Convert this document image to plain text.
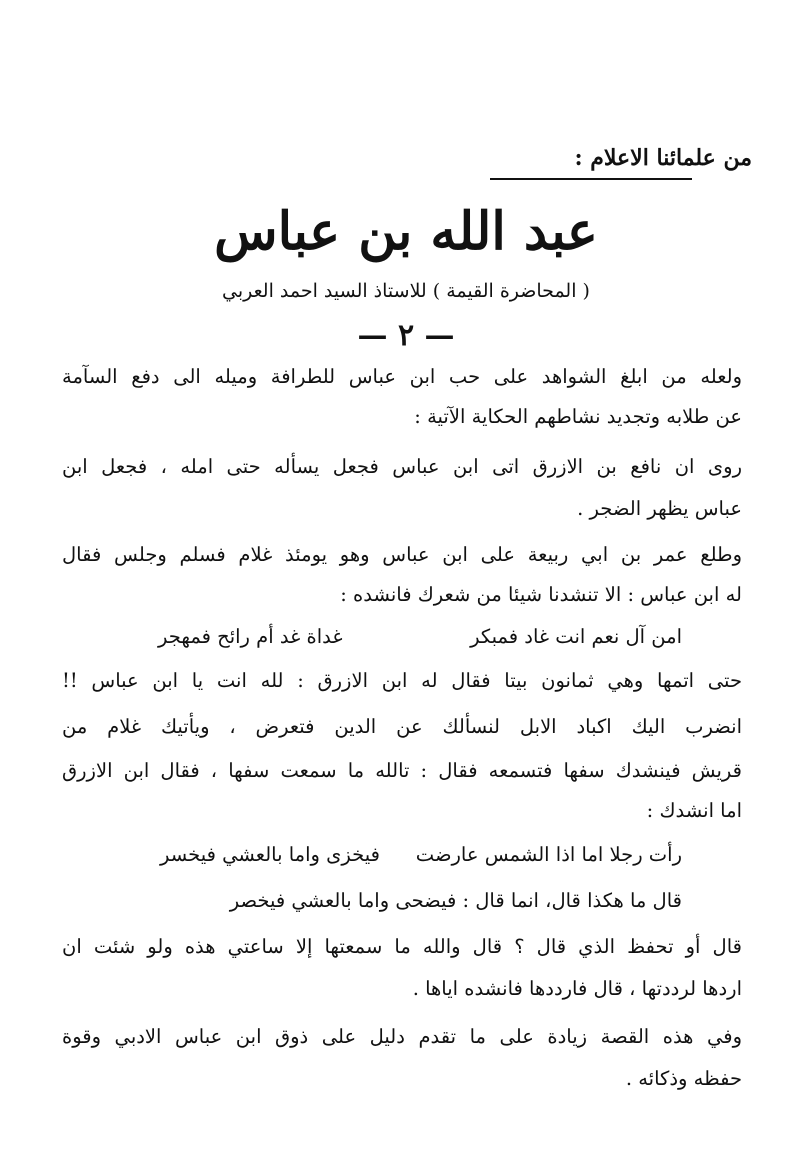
من علمائنا الاعلام :
عبد الله بن عباس
( المحاضرة القيمة ) للاستاذ السيد احمد العربي
— ٢ —
ولعله من ابلغ الشواهد على حب ابن عباس للطرافة وميله الى دفع السآمة
عن طلابه وتجديد نشاطهم الحكاية الآتية :
روى ان نافع بن الازرق اتى ابن عباس فجعل يسأله حتى امله ، فجعل ابن
عباس يظهر الضجر .
وطلع عمر بن ابي ربيعة على ابن عباس وهو يومئذ غلام فسلم وجلس فقال
له ابن عباس : الا تنشدنا شيئا من شعرك فانشده :
امن آل نعم انت غاد فمبكر
غداة غد أم رائح فمهجر
حتى اتمها وهي ثمانون بيتا فقال له ابن الازرق : لله انت يا ابن عباس !!
انضرب اليك اكباد الابل لنسألك عن الدين فتعرض ، ويأتيك غلام من
قريش فينشدك سفها فتسمعه فقال : تالله ما سمعت سفها ، فقال ابن الازرق
اما انشدك :
رأت رجلا اما اذا الشمس عارضت
فيخزى واما بالعشي فيخسر
قال ما هكذا قال، انما قال : فيضحى واما بالعشي فيخصر
قال أو تحفظ الذي قال ؟ قال والله ما سمعتها إلا ساعتي هذه ولو شئت ان
اردها لرددتها ، قال فارددها فانشده اياها .
وفي هذه القصة زيادة على ما تقدم دليل على ذوق ابن عباس الادبي وقوة
حفظه وذكائه .
